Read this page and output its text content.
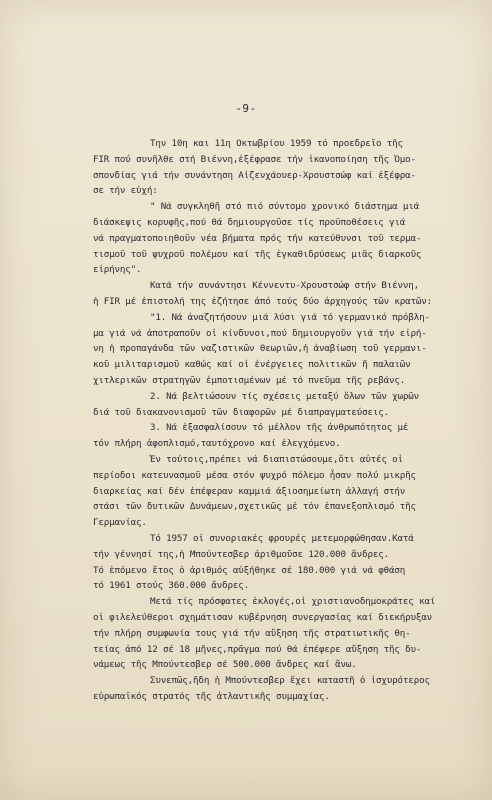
-9-
Την 10η και 11η Οκτωβρίου 1959 τό προεδρεῖο τῆς
FIR πού συνῆλθε στή Βιέννη,ἐξέφρασε τήν ἱκανοποίηση τῆς Ὁμο-
σπονδίας γιά τήν συνάντηση Αἰζενχάουερ-Χρουστσώφ καί ἐξέφρα-
σε τήν εὐχή:
" Νά συγκληθῆ στό πιό σύντομο χρονικό διάστημα μιά
διάσκεψις κορυφῆς,πού θά δημιουργοῦσε τίς προϋποθέσεις γιά
νά πραγματοποιηθοῦν νέα βήματα πρός τήν κατεύθυνσι τοῦ τερμα-
τισμοῦ τοῦ ψυχροῦ πολέμου καί τῆς ἐγκαθιδρύσεως μιᾶς διαρκοῦς
εἰρήνης".
Κατά τήν συνάντησι Κέννεντυ-Χρουστσώφ στήν Βιέννη,
ἡ FIR μέ ἐπιστολή της ἐζήτησε ἀπό τούς δύο ἀρχηγούς τῶν κρατῶν:
"1. Νά ἀναζητήσουν μιά λύσι γιά τό γερμανικό πρόβλη-
μα γιά νά ἀποτραποῦν οἱ κίνδυνοι,πού δημιουργοῦν γιά τήν εἰρή-
νη ἡ προπαγάνδα τῶν ναζιστικῶν θεωριῶν,ἡ ἀναβίωση τοῦ γερμανι-
κοῦ μιλιταρισμοῦ καθώς καί οἱ ἐνέργειες πολιτικῶν ἤ παλαιῶν
χιτλερικῶν στρατηγῶν ἐμποτισμένων μέ τό πνεῦμα τῆς ρεβάνς.
2. Νά βελτιώσουν τίς σχέσεις μεταξύ ὅλων τῶν χωρῶν
διά τοῦ διακανονισμοῦ τῶν διαφορῶν μέ διαπραγματεύσεις.
3. Νά ἐξασφαλίσουν τό μέλλον τῆς ἀνθρωπότητος μέ
τόν πλήρη ἀφοπλισμό,ταυτόχρονο καί ἐλεγχόμενο.
Ἐν τούτοις,πρέπει νά διαπιστώσουμε,ὅτι αὐτές οἱ
περίοδοι κατευνασμοῦ μέσα στόν ψυχρό πόλεμο ἦσαν πολύ μικρῆς
διαρκείας καί δέν ἐπέφεραν καμμιά ἀξιοσημείωτη ἀλλαγή στήν
στάσι τῶν δυτικῶν Δυνάμεων,σχετικῶς μέ τόν ἐπανεξοπλισμό τῆς
Γερμανίας.
Τό 1957 οἱ συνοριακές φρουρές μετεμορφώθησαν.Κατά
τήν γέννησί της,ἡ Μπούντεσβερ ἀριθμοῦσε 120.000 ἄνδρες.
Τό ἑπόμενο ἔτος ὁ ἀριθμός αὐξήθηκε σέ 180.000 γιά νά φθάση
τό 1961 στούς 360.000 ἄνδρες.
Μετά τίς πρόσφατες ἐκλογές,οἱ χριστιανοδημοκράτες καί
οἱ φιλελεύθεροι σχημάτισαν κυβέρνηση συνεργασίας καί διεκήρυξαν
τήν πλήρη συμφωνία τους γιά τήν αὔξηση τῆς στρατιωτικῆς θη-
τείας ἀπό 12 σέ 18 μῆνες,πρᾶγμα πού θά ἐπέφερε αὔξηση τῆς δυ-
νάμεως τῆς Μπούντεσβερ σέ 500.000 ἄνδρες καί ἄνω.
Συνεπῶς,ἤδη ἡ Μπούντεσβερ ἔχει καταστῆ ὁ ἰσχυρότερος
εὐρωπαϊκός στρατός τῆς ἀτλαντικῆς συμμαχίας.
